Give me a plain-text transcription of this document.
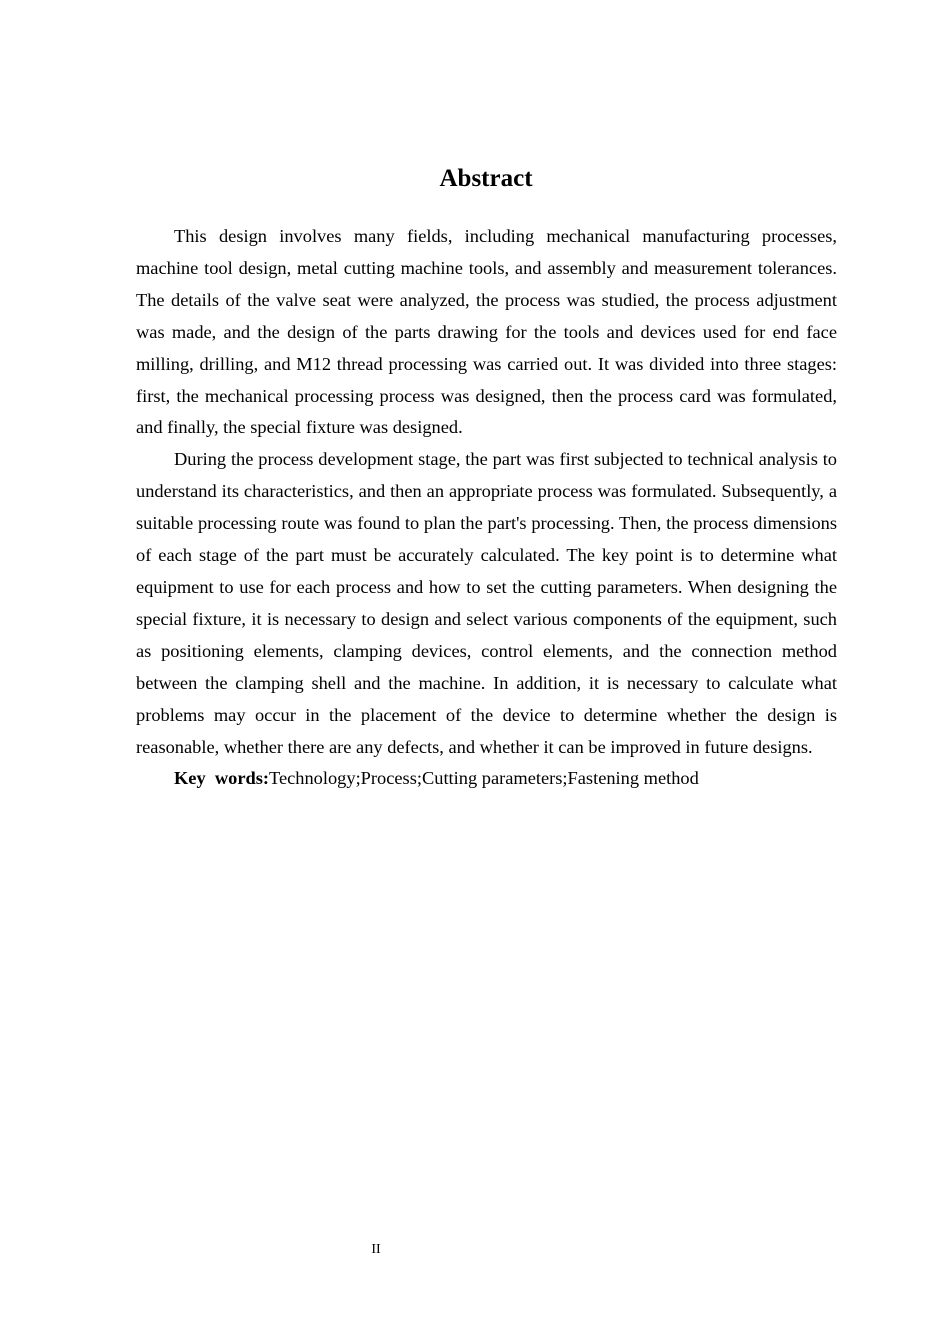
Abstract

This design involves many fields, including mechanical manufacturing processes, machine tool design, metal cutting machine tools, and assembly and measurement tolerances. The details of the valve seat were analyzed, the process was studied, the process adjustment was made, and the design of the parts drawing for the tools and devices used for end face milling, drilling, and M12 thread processing was carried out. It was divided into three stages: first, the mechanical processing process was designed, then the process card was formulated, and finally, the special fixture was designed.

During the process development stage, the part was first subjected to technical analysis to understand its characteristics, and then an appropriate process was formulated. Subsequently, a suitable processing route was found to plan the part's processing. Then, the process dimensions of each stage of the part must be accurately calculated. The key point is to determine what equipment to use for each process and how to set the cutting parameters. When designing the special fixture, it is necessary to design and select various components of the equipment, such as positioning elements, clamping devices, control elements, and the connection method between the clamping shell and the machine. In addition, it is necessary to calculate what problems may occur in the placement of the device to determine whether the design is reasonable, whether there are any defects, and whether it can be improved in future designs.

Key  words:Technology;Process;Cutting parameters;Fastening method

II
